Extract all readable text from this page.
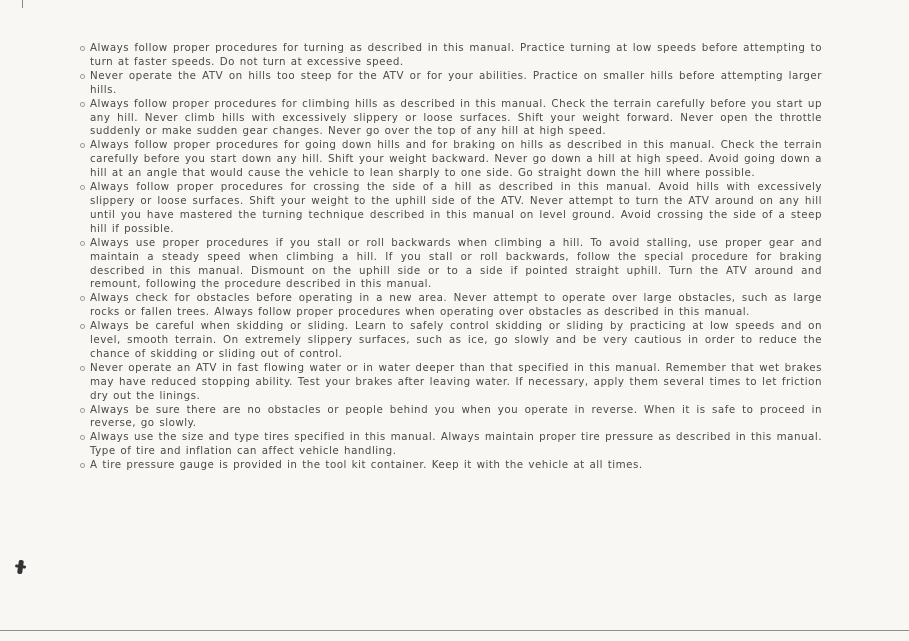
Always follow proper procedures for turning as described in this manual. Practice turning at low speeds before attempting to turn at faster speeds. Do not turn at excessive speed.

Never operate the ATV on hills too steep for the ATV or for your abilities. Practice on smaller hills before attempting larger hills.

Always follow proper procedures for climbing hills as described in this manual. Check the terrain carefully before you start up any hill. Never climb hills with excessively slippery or loose surfaces. Shift your weight forward. Never open the throttle suddenly or make sudden gear changes. Never go over the top of any hill at high speed.

Always follow proper procedures for going down hills and for braking on hills as described in this manual. Check the terrain carefully before you start down any hill. Shift your weight backward. Never go down a hill at high speed. Avoid going down a hill at an angle that would cause the vehicle to lean sharply to one side. Go straight down the hill where possible.

Always follow proper procedures for crossing the side of a hill as described in this manual. Avoid hills with excessively slippery or loose surfaces. Shift your weight to the uphill side of the ATV. Never attempt to turn the ATV around on any hill until you have mastered the turning technique described in this manual on level ground. Avoid crossing the side of a steep hill if possible.

Always use proper procedures if you stall or roll backwards when climbing a hill. To avoid stalling, use proper gear and maintain a steady speed when climbing a hill. If you stall or roll backwards, follow the special procedure for braking described in this manual. Dismount on the uphill side or to a side if pointed straight uphill. Turn the ATV around and remount, following the procedure described in this manual.

Always check for obstacles before operating in a new area. Never attempt to operate over large obstacles, such as large rocks or fallen trees. Always follow proper procedures when operating over obstacles as described in this manual.

Always be careful when skidding or sliding. Learn to safely control skidding or sliding by practicing at low speeds and on level, smooth terrain. On extremely slippery surfaces, such as ice, go slowly and be very cautious in order to reduce the chance of skidding or sliding out of control.

Never operate an ATV in fast flowing water or in water deeper than that specified in this manual. Remember that wet brakes may have reduced stopping ability. Test your brakes after leaving water. If necessary, apply them several times to let friction dry out the linings.

Always be sure there are no obstacles or people behind you when you operate in reverse. When it is safe to proceed in reverse, go slowly.

Always use the size and type tires specified in this manual. Always maintain proper tire pressure as described in this manual. Type of tire and inflation can affect vehicle handling.

A tire pressure gauge is provided in the tool kit container. Keep it with the vehicle at all times.
